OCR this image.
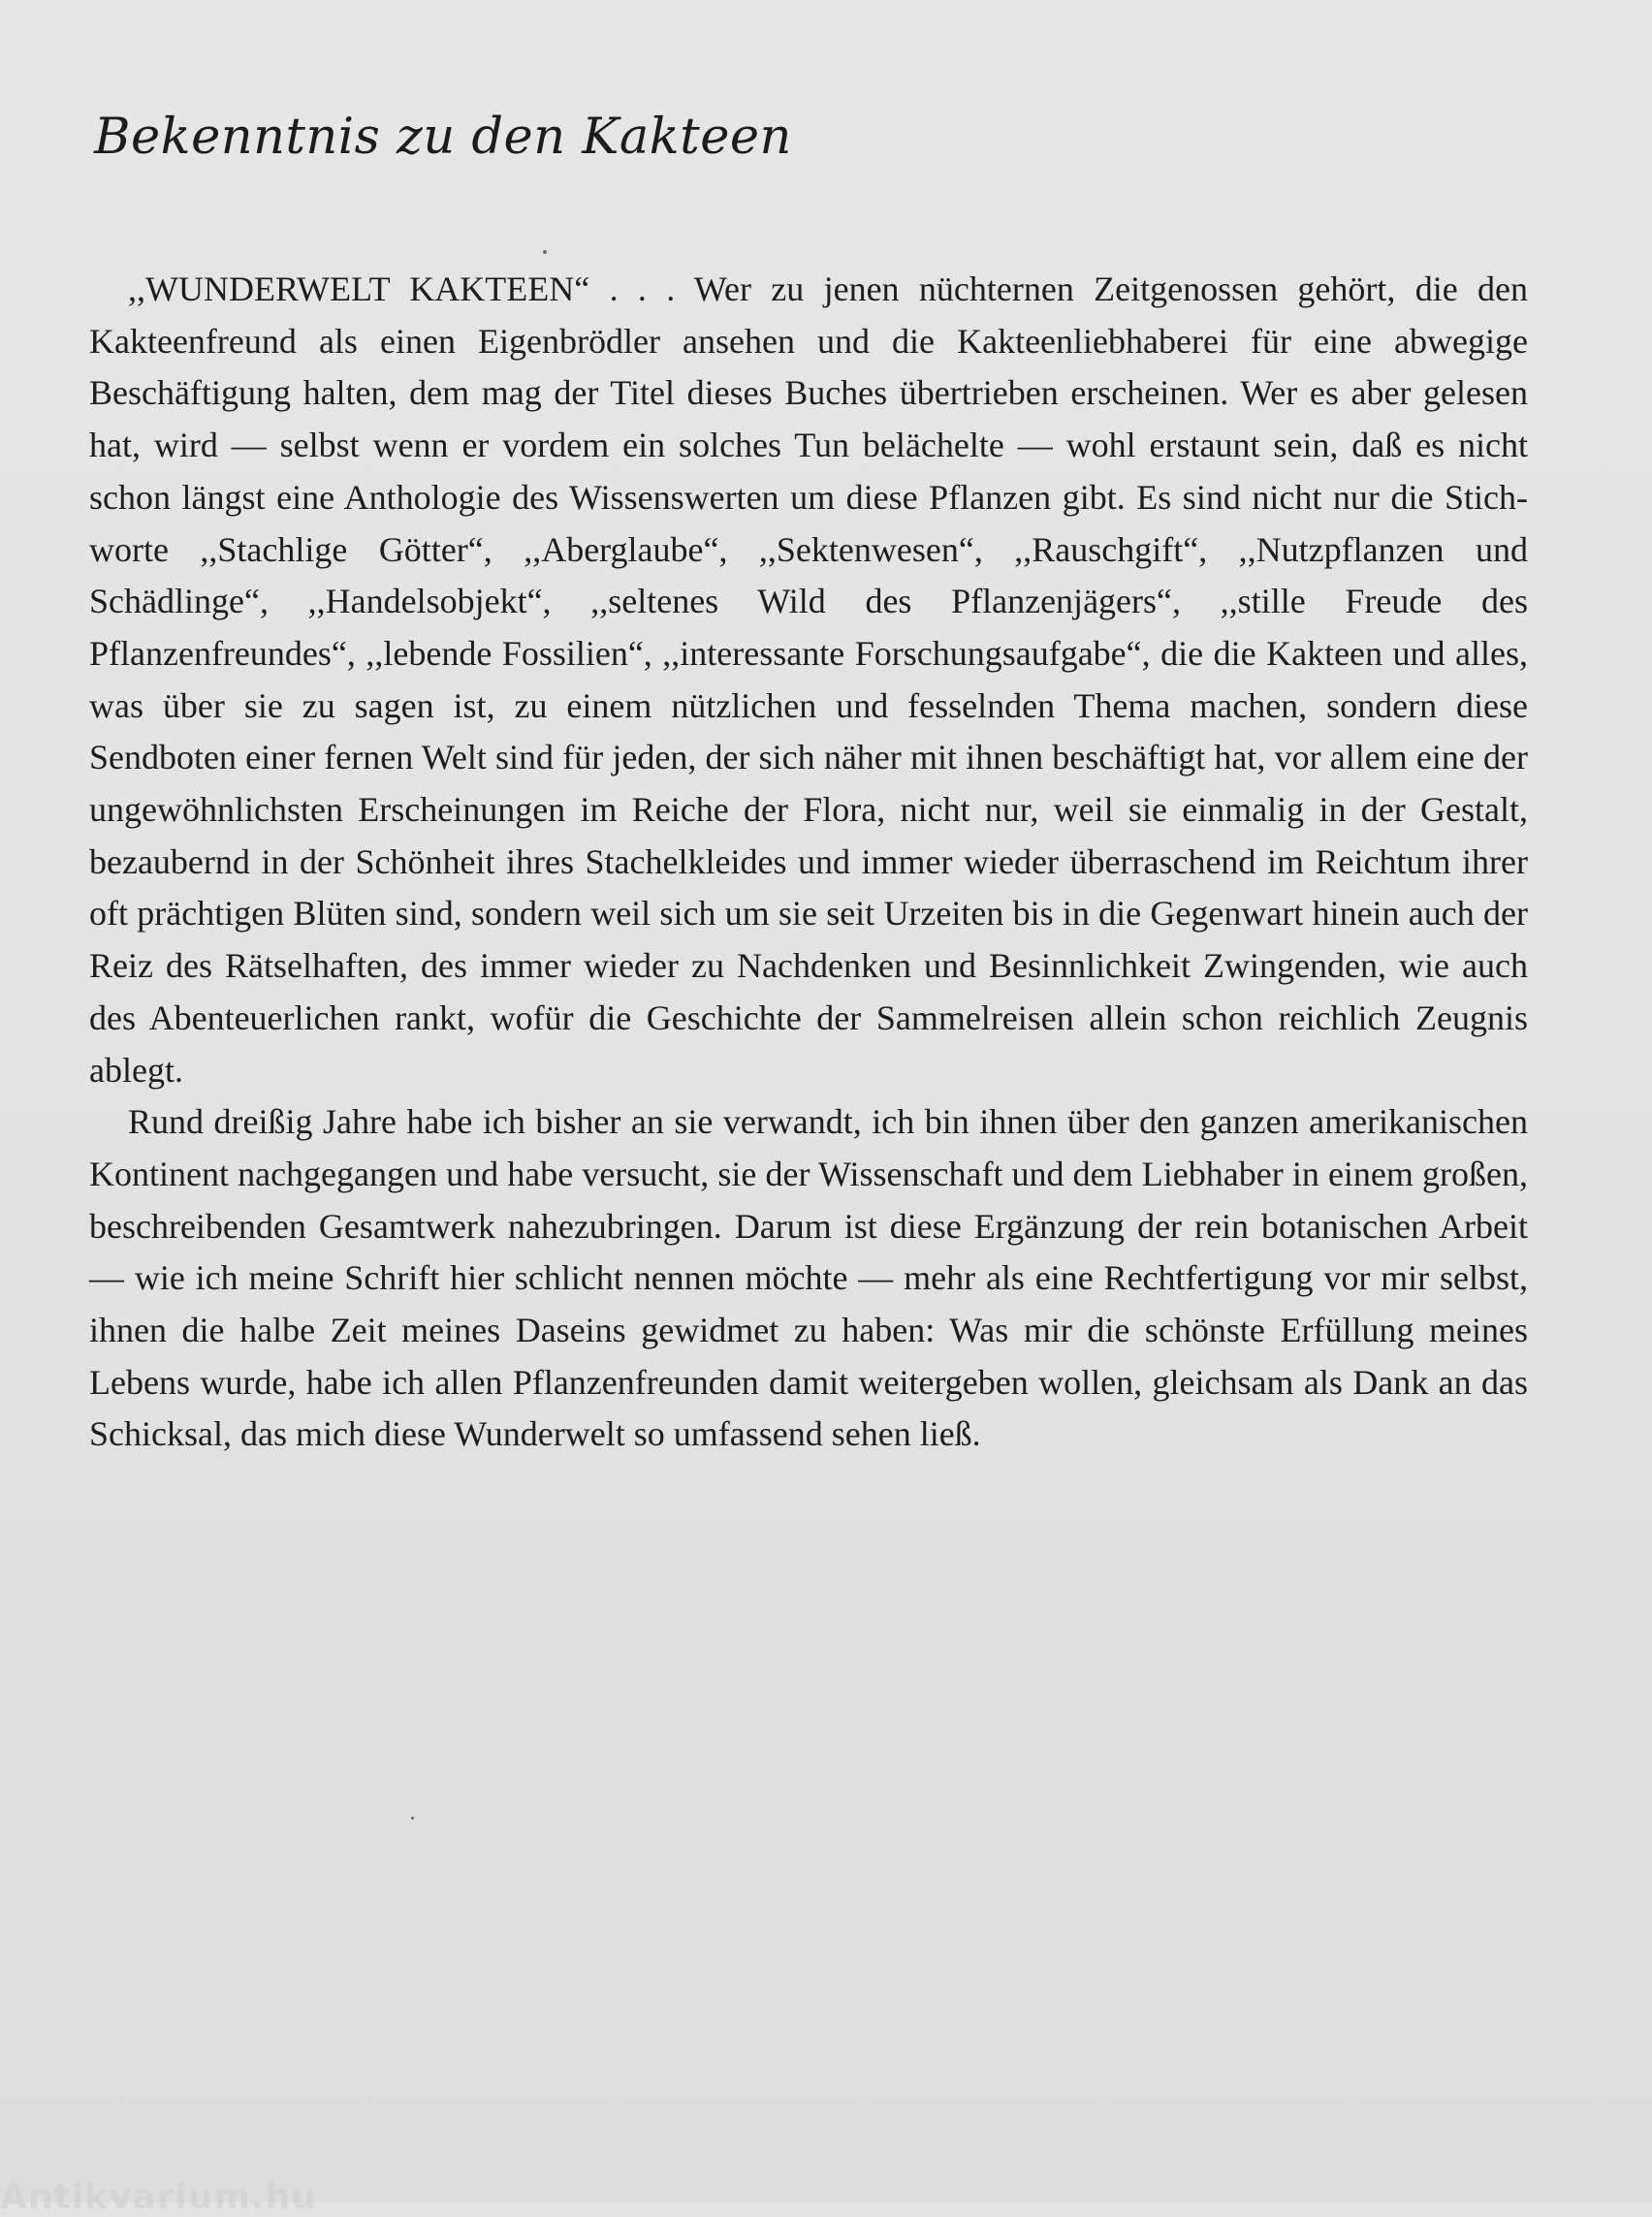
Bekenntnis zu den Kakteen

,,WUNDERWELT KAKTEEN“ . . . Wer zu jenen nüchternen Zeitgenossen gehört, die den Kakteenfreund als einen Eigenbrödler ansehen und die Kakteenliebhaberei für eine abwegige Beschäftigung halten, dem mag der Titel dieses Buches übertrieben erscheinen. Wer es aber gelesen hat, wird — selbst wenn er vordem ein solches Tun belächelte — wohl erstaunt sein, daß es nicht schon längst eine Anthologie des Wissenswerten um diese Pflanzen gibt. Es sind nicht nur die Stichworte ,,Stachlige Götter“, ,,Aberglaube“, ,,Sektenwesen“, ,,Rauschgift“, ,,Nutzpflanzen und Schädlinge“, ,,Handelsobjekt“, ,,seltenes Wild des Pflanzenjägers“, ,,stille Freude des Pflanzenfreundes“, ,,lebende Fossilien“, ,,interessante Forschungsaufgabe“, die die Kakteen und alles, was über sie zu sagen ist, zu einem nützlichen und fesselnden Thema machen, sondern diese Sendboten einer fernen Welt sind für jeden, der sich näher mit ihnen beschäftigt hat, vor allem eine der ungewöhnlichsten Erscheinungen im Reiche der Flora, nicht nur, weil sie einmalig in der Gestalt, bezaubernd in der Schönheit ihres Stachelkleides und immer wieder überraschend im Reichtum ihrer oft prächtigen Blüten sind, sondern weil sich um sie seit Urzeiten bis in die Gegenwart hinein auch der Reiz des Rätselhaften, des immer wieder zu Nachdenken und Besinnlichkeit Zwingenden, wie auch des Abenteuerlichen rankt, wofür die Geschichte der Sammelreisen allein schon reichlich Zeugnis ablegt.

Rund dreißig Jahre habe ich bisher an sie verwandt, ich bin ihnen über den ganzen amerikanischen Kontinent nachgegangen und habe versucht, sie der Wissenschaft und dem Liebhaber in einem großen, beschreibenden Gesamtwerk nahezubringen. Darum ist diese Ergänzung der rein botanischen Arbeit — wie ich meine Schrift hier schlicht nennen möchte — mehr als eine Rechtfertigung vor mir selbst, ihnen die halbe Zeit meines Daseins gewidmet zu haben: Was mir die schönste Erfüllung meines Lebens wurde, habe ich allen Pflanzenfreunden damit weitergeben wollen, gleichsam als Dank an das Schicksal, das mich diese Wunderwelt so umfassend sehen ließ.

Antikvarium.hu
